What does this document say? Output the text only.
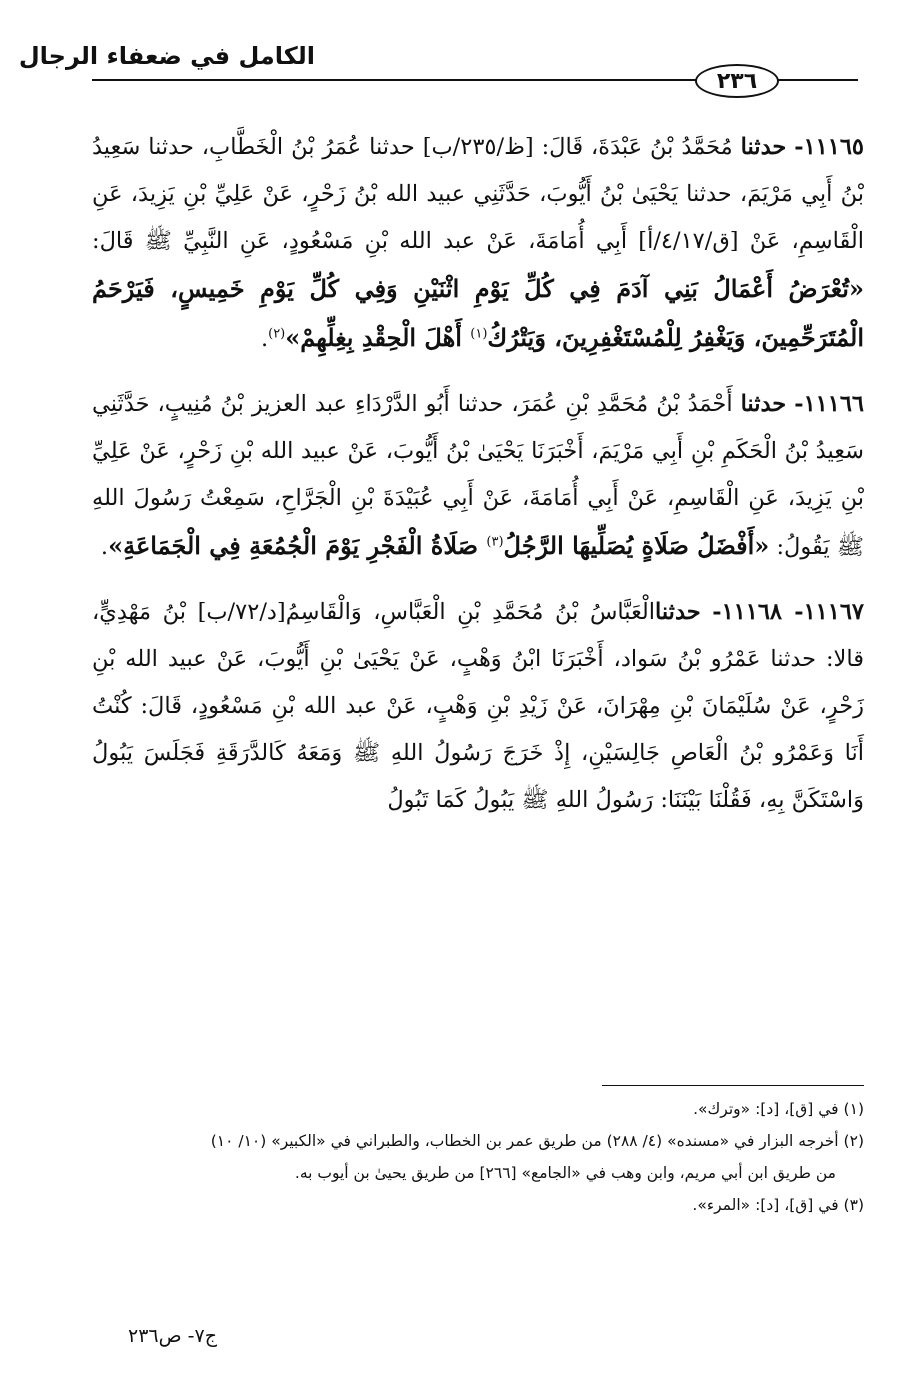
الكامل في ضعفاء الرجال
٢٣٦

١١١٦٥- حدثنا مُحَمَّدُ بْنُ عَبْدَةَ، قَالَ: [ظ/٢٣٥/ب] حدثنا عُمَرُ بْنُ الْخَطَّابِ، حدثنا سَعِيدُ بْنُ أَبِي مَرْيَمَ، حدثنا يَحْيَىٰ بْنُ أَيُّوبَ، حَدَّثَنِي عبيد الله بْنُ زَحْرٍ، عَنْ عَلِيِّ بْنِ يَزِيدَ، عَنِ الْقَاسِمِ، عَنْ [ق/٤/١٧/أ] أَبِي أُمَامَةَ، عَنْ عبد الله بْنِ مَسْعُودٍ، عَنِ النَّبِيِّ ﷺ قَالَ: «تُعْرَضُ أَعْمَالُ بَنِي آدَمَ فِي كُلِّ يَوْمِ اثْنَيْنِ وَفِي كُلِّ يَوْمِ خَمِيسٍ، فَيَرْحَمُ الْمُتَرَحِّمِينَ، وَيَغْفِرُ لِلْمُسْتَغْفِرِينَ، وَيَتْرُكُ$^{(١)}$ أَهْلَ الْحِقْدِ بِغِلِّهِمْ»$^{(٢)}$.

١١١٦٦- حدثنا أَحْمَدُ بْنُ مُحَمَّدِ بْنِ عُمَرَ، حدثنا أَبُو الدَّرْدَاءِ عبد العزيز بْنُ مُنِيبٍ، حَدَّثَنِي سَعِيدُ بْنُ الْحَكَمِ بْنِ أَبِي مَرْيَمَ، أَخْبَرَنَا يَحْيَىٰ بْنُ أَيُّوبَ، عَنْ عبيد الله بْنِ زَحْرٍ، عَنْ عَلِيِّ بْنِ يَزِيدَ، عَنِ الْقَاسِمِ، عَنْ أَبِي أُمَامَةَ، عَنْ أَبِي عُبَيْدَةَ بْنِ الْجَرَّاحِ، سَمِعْتُ رَسُولَ اللهِ ﷺ يَقُولُ: «أَفْضَلُ صَلَاةٍ يُصَلِّيهَا الرَّجُلُ$^{(٣)}$ صَلَاةُ الْفَجْرِ يَوْمَ الْجُمُعَةِ فِي الْجَمَاعَةِ».

١١١٦٧- ١١١٦٨- حدثناالْعَبَّاسُ بْنُ مُحَمَّدِ بْنِ الْعَبَّاسِ، وَالْقَاسِمُ[د/٧٢/ب] بْنُ مَهْدِيٍّ، قالا: حدثنا عَمْرُو بْنُ سَواد، أَخْبَرَنَا ابْنُ وَهْبٍ، عَنْ يَحْيَىٰ بْنِ أَيُّوبَ، عَنْ عبيد الله بْنِ زَحْرٍ، عَنْ سُلَيْمَانَ بْنِ مِهْرَانَ، عَنْ زَيْدِ بْنِ وَهْبٍ، عَنْ عبد الله بْنِ مَسْعُودٍ، قَالَ: كُنْتُ أَنَا وَعَمْرُو بْنُ الْعَاصِ جَالِسَيْنِ، إِذْ خَرَجَ رَسُولُ اللهِ ﷺ وَمَعَهُ كَالدَّرَقَةِ فَجَلَسَ يَبُولُ وَاسْتَكَنَّ بِهِ، فَقُلْنَا بَيْنَنَا: رَسُولُ اللهِ ﷺ يَبُولُ كَمَا تَبُولُ

(١) في [ق]، [د]: «وترك».

(٢) أخرجه البزار في «مسنده» (٤/ ٢٨٨) من طريق عمر بن الخطاب، والطبراني في «الكبير» (١٠/ ١٠)

من طريق ابن أبي مريم، وابن وهب في «الجامع» [٢٦٦] من طريق يحيىٰ بن أيوب به.

(٣) في [ق]، [د]: «المرء».

ج٧- ص٢٣٦
